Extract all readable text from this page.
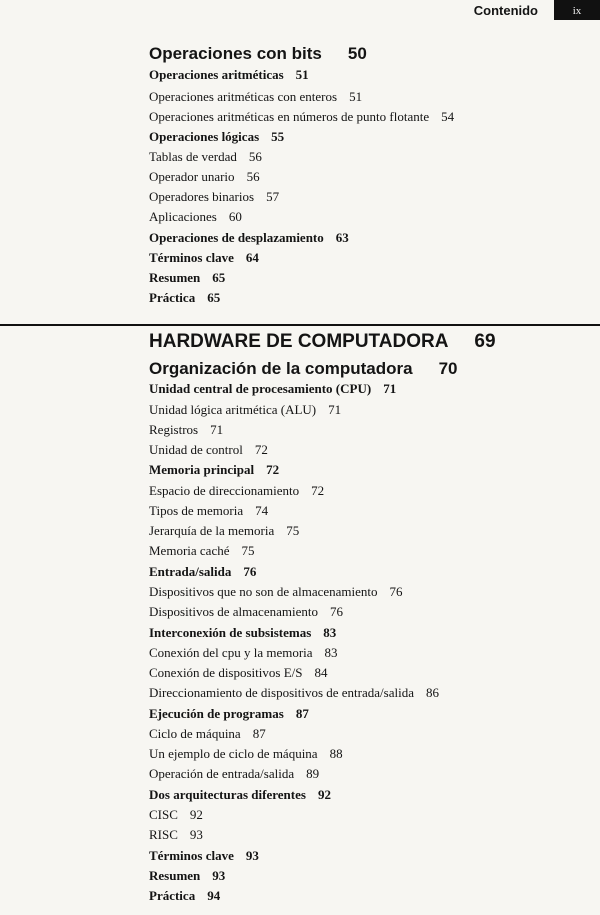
Contenido	ix
Operaciones con bits 50
Operaciones aritméticas 51
Operaciones aritméticas con enteros 51
Operaciones aritméticas en números de punto flotante 54
Operaciones lógicas 55
Tablas de verdad 56
Operador unario 56
Operadores binarios 57
Aplicaciones 60
Operaciones de desplazamiento 63
Términos clave 64
Resumen 65
Práctica 65
HARDWARE DE COMPUTADORA 69
Organización de la computadora 70
Unidad central de procesamiento (CPU) 71
Unidad lógica aritmética (ALU) 71
Registros 71
Unidad de control 72
Memoria principal 72
Espacio de direccionamiento 72
Tipos de memoria 74
Jerarquía de la memoria 75
Memoria caché 75
Entrada/salida 76
Dispositivos que no son de almacenamiento 76
Dispositivos de almacenamiento 76
Interconexión de subsistemas 83
Conexión del cpu y la memoria 83
Conexión de dispositivos E/S 84
Direccionamiento de dispositivos de entrada/salida 86
Ejecución de programas 87
Ciclo de máquina 87
Un ejemplo de ciclo de máquina 88
Operación de entrada/salida 89
Dos arquitecturas diferentes 92
CISC 92
RISC 93
Términos clave 93
Resumen 93
Práctica 94
